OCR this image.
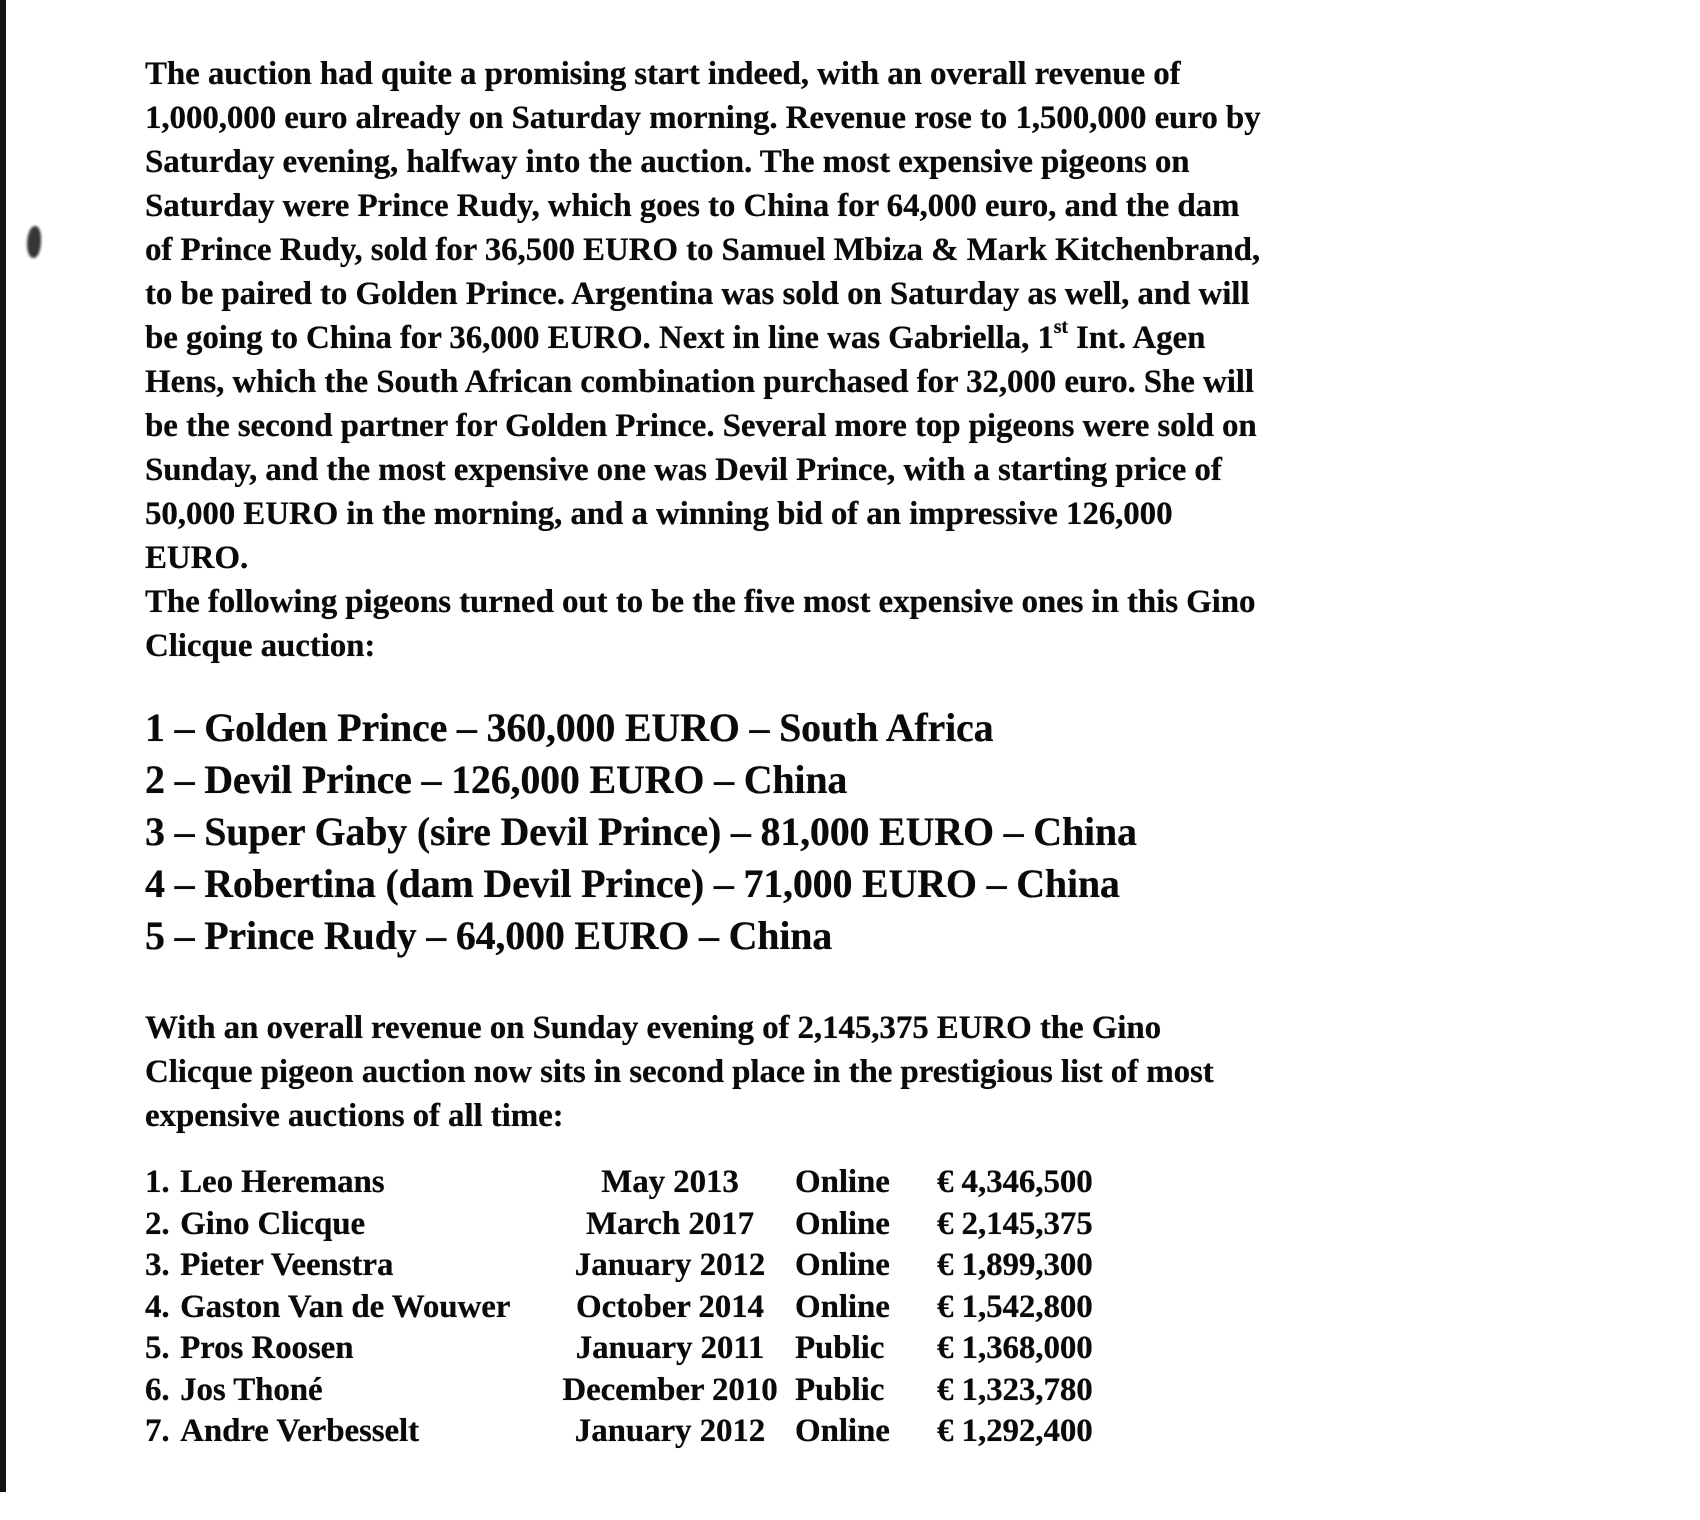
The auction had quite a promising start indeed, with an overall revenue of
1,000,000 euro already on Saturday morning. Revenue rose to 1,500,000 euro by
Saturday evening, halfway into the auction. The most expensive pigeons on
Saturday were Prince Rudy, which goes to China for 64,000 euro, and the dam
of Prince Rudy, sold for 36,500 EURO to Samuel Mbiza & Mark Kitchenbrand,
to be paired to Golden Prince. Argentina was sold on Saturday as well, and will
be going to China for 36,000 EURO. Next in line was Gabriella, 1st Int. Agen
Hens, which the South African combination purchased for 32,000 euro. She will
be the second partner for Golden Prince. Several more top pigeons were sold on
Sunday, and the most expensive one was Devil Prince, with a starting price of
50,000 EURO in the morning, and a winning bid of an impressive 126,000
EURO.
The following pigeons turned out to be the five most expensive ones in this Gino
Clicque auction:
1 – Golden Prince – 360,000 EURO – South Africa
2 – Devil Prince – 126,000 EURO – China
3 – Super Gaby (sire Devil Prince) – 81,000 EURO – China
4 – Robertina (dam Devil Prince) – 71,000 EURO – China
5 – Prince Rudy – 64,000 EURO – China
With an overall revenue on Sunday evening of 2,145,375 EURO the Gino
Clicque pigeon auction now sits in second place in the prestigious list of most
expensive auctions of all time:
1. Leo Heremans	May 2013 Online € 4,346,500
2. Gino Clicque	March 2017 Online € 2,145,375
3. Pieter Veenstra	January 2012 Online € 1,899,300
4. Gaston Van de Wouwer October 2014 Online € 1,542,800
5. Pros Roosen	January 2011 Public € 1,368,000
6. Jos Thoné	December 2010 Public € 1,323,780
7. Andre Verbesselt	January 2012 Online € 1,292,400
